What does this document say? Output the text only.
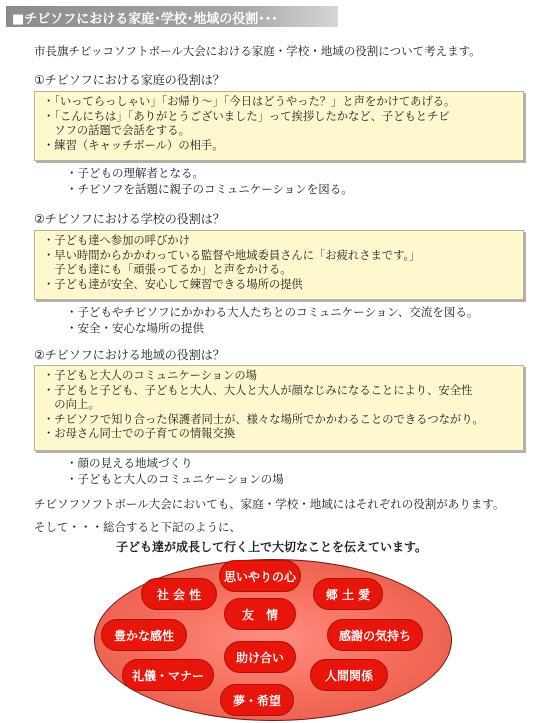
■チビソフにおける家庭･学校･地域の役割･･･
市長旗チビッコソフトボール大会における家庭・学校・地域の役割について考えます。
①チビソフにおける家庭の役割は？
・「いってらっしゃい」「お帰り～」「今日はどうやった？」と声をかけてあげる。
・「こんにちは」「ありがとうございました」って挨拶したかなど、子どもとチビ
　ソフの話題で会話をする。
・練習（キャッチボール）の相手。
・子どもの理解者となる。
・チビソフを話題に親子のコミュニケーションを図る。
②チビソフにおける学校の役割は？
・子ども達へ参加の呼びかけ
・早い時間からかかわっている監督や地域委員さんに「お疲れさまです。」
　子ども達にも「頑張ってるか」と声をかける。
・子ども達が安全、安心して練習できる場所の提供
・子どもやチビソフにかかわる大人たちとのコミュニケーション、交流を図る。
・安全・安心な場所の提供
②チビソフにおける地域の役割は？
・子どもと大人のコミュニケーションの場
・子どもと子ども、子どもと大人、大人と大人が顔なじみになることにより、安全性
　の向上。
・チビソフで知り合った保護者同士が、様々な場所でかかわることのできるつながり。
・お母さん同士での子育ての情報交換
・顔の見える地域づくり
・子どもと大人のコミュニケーションの場
チビソフソフトボール大会においても、家庭・学校・地域にはそれぞれの役割があります。
そして・・・総合すると下記のように、
子ども達が成長して行く上で大切なことを伝えています。
思いやりの心
社 会 性	郷 土 愛
友　情
豊かな感性	感謝の気持ち
助け合い
礼儀・マナー	人間関係
夢・希望
